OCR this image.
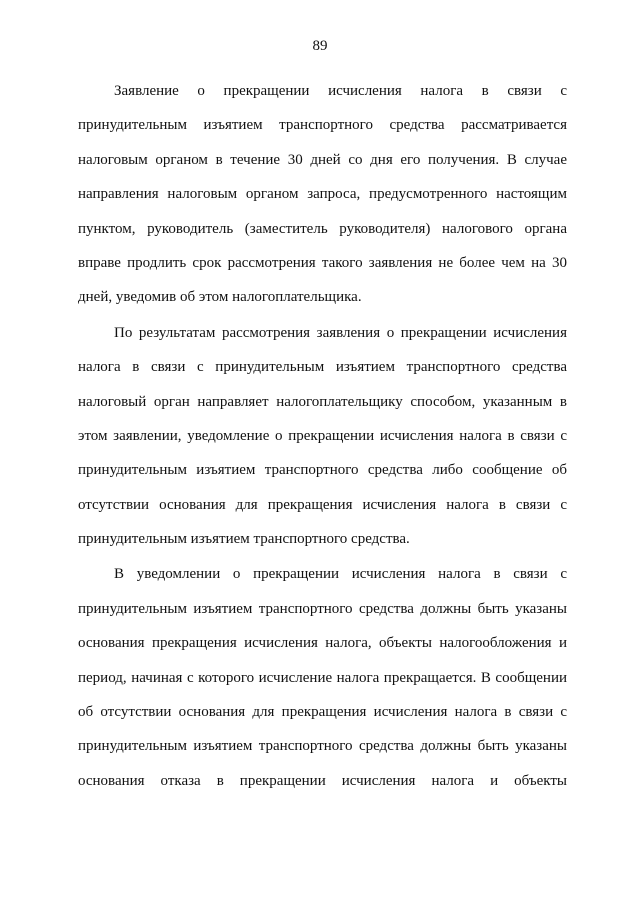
89
Заявление о прекращении исчисления налога в связи с
принудительным изъятием транспортного средства рассматривается
налоговым органом в течение 30 дней со дня его получения. В случае
направления налоговым органом запроса, предусмотренного настоящим
пунктом, руководитель (заместитель руководителя) налогового органа
вправе продлить срок рассмотрения такого заявления не более чем на 30
дней, уведомив об этом налогоплательщика.
По результатам рассмотрения заявления о прекращении исчисления
налога в связи с принудительным изъятием транспортного средства
налоговый орган направляет налогоплательщику способом, указанным в
этом заявлении, уведомление о прекращении исчисления налога в связи с
принудительным изъятием транспортного средства либо сообщение об
отсутствии основания для прекращения исчисления налога в связи с
принудительным изъятием транспортного средства.
В уведомлении о прекращении исчисления налога в связи с
принудительным изъятием транспортного средства должны быть указаны
основания прекращения исчисления налога, объекты налогообложения и
период, начиная с которого исчисление налога прекращается. В сообщении
об отсутствии основания для прекращения исчисления налога в связи с
принудительным изъятием транспортного средства должны быть указаны
основания отказа в прекращении исчисления налога и объекты
